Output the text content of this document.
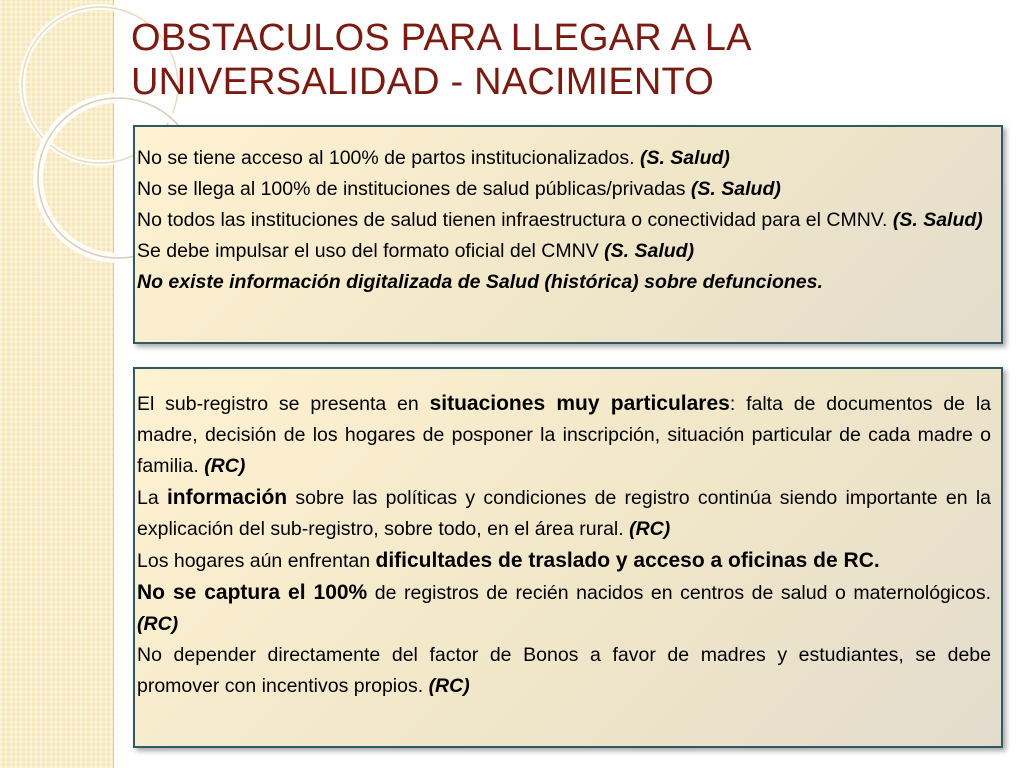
OBSTACULOS PARA LLEGAR A LA
UNIVERSALIDAD - NACIMIENTO

No se tiene acceso al 100% de partos institucionalizados. (S. Salud)

No se llega al 100% de instituciones de salud públicas/privadas (S. Salud)

No todos las instituciones de salud tienen infraestructura o conectividad para el CMNV. (S. Salud)

Se debe impulsar el uso del formato oficial del CMNV (S. Salud)

No existe información digitalizada de Salud (histórica) sobre defunciones.

El sub-registro se presenta en situaciones muy particulares: falta de documentos de la madre, decisión de los hogares de posponer la inscripción, situación particular de cada madre o familia. (RC)

La información sobre las políticas y condiciones de registro continúa siendo importante en la explicación del sub-registro, sobre todo, en el área rural. (RC)

Los hogares aún enfrentan dificultades de traslado y acceso a oficinas de RC.

No se captura el 100% de registros de recién nacidos en centros de salud o maternológicos. (RC)

No depender directamente del factor de Bonos a favor de madres y estudiantes, se debe promover con incentivos propios. (RC)
